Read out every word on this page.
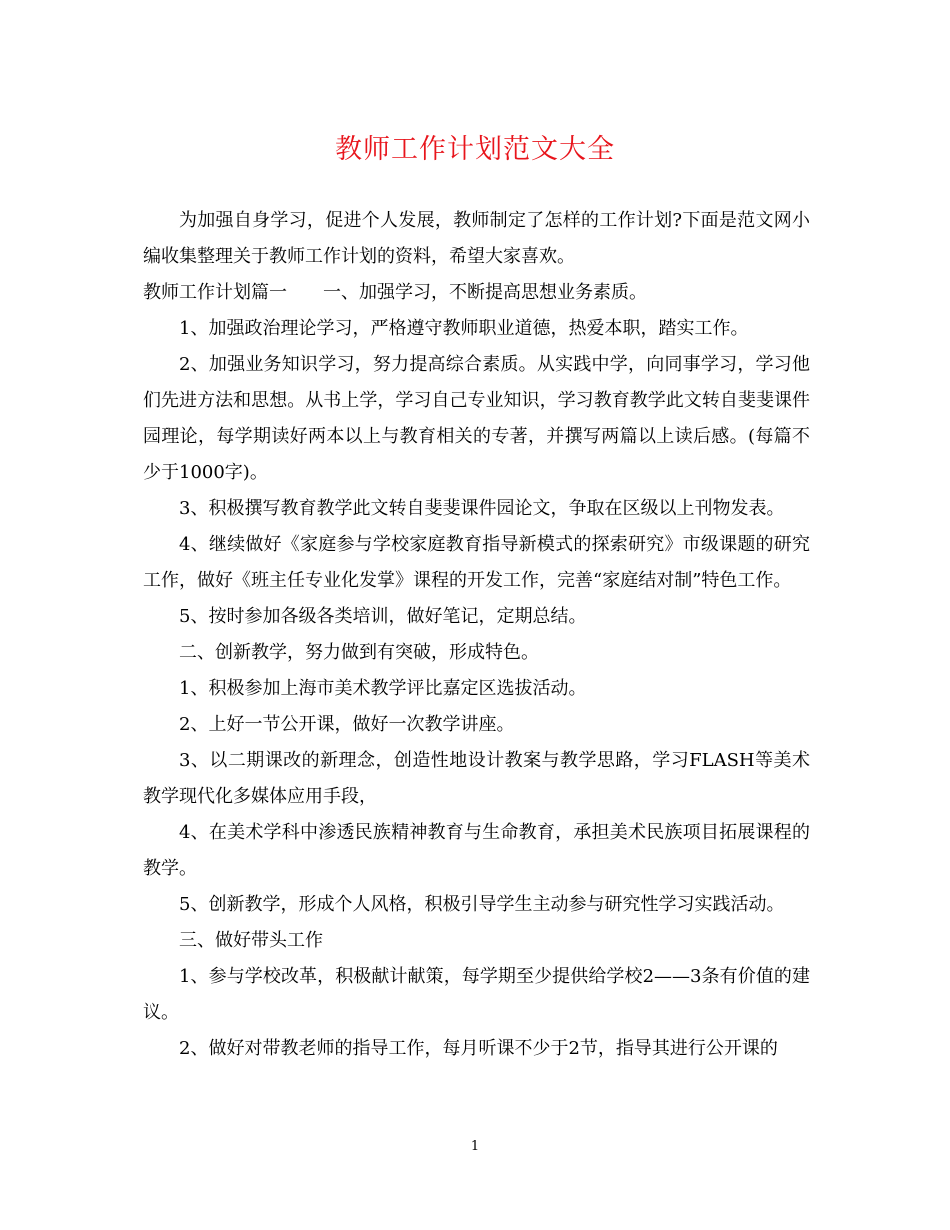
教师工作计划范文大全

为加强自身学习，促进个人发展，教师制定了怎样的工作计划?下面是范文网小编收集整理关于教师工作计划的资料，希望大家喜欢。

教师工作计划篇一　　一、加强学习，不断提高思想业务素质。

1、加强政治理论学习，严格遵守教师职业道德，热爱本职，踏实工作。

2、加强业务知识学习，努力提高综合素质。从实践中学，向同事学习，学习他们先进方法和思想。从书上学，学习自己专业知识，学习教育教学此文转自斐斐课件园理论，每学期读好两本以上与教育相关的专著，并撰写两篇以上读后感。(每篇不少于1000字)。

3、积极撰写教育教学此文转自斐斐课件园论文，争取在区级以上刊物发表。

4、继续做好《家庭参与学校家庭教育指导新模式的探索研究》市级课题的研究工作，做好《班主任专业化发掌》课程的开发工作，完善“家庭结对制”特色工作。

5、按时参加各级各类培训，做好笔记，定期总结。

二、创新教学，努力做到有突破，形成特色。

1、积极参加上海市美术教学评比嘉定区选拔活动。

2、上好一节公开课，做好一次教学讲座。

3、以二期课改的新理念，创造性地设计教案与教学思路，学习FLASH等美术教学现代化多媒体应用手段，

4、在美术学科中渗透民族精神教育与生命教育，承担美术民族项目拓展课程的教学。

5、创新教学，形成个人风格，积极引导学生主动参与研究性学习实践活动。

三、做好带头工作

1、参与学校改革，积极献计献策，每学期至少提供给学校2——3条有价值的建议。

2、做好对带教老师的指导工作，每月听课不少于2节，指导其进行公开课的

1
